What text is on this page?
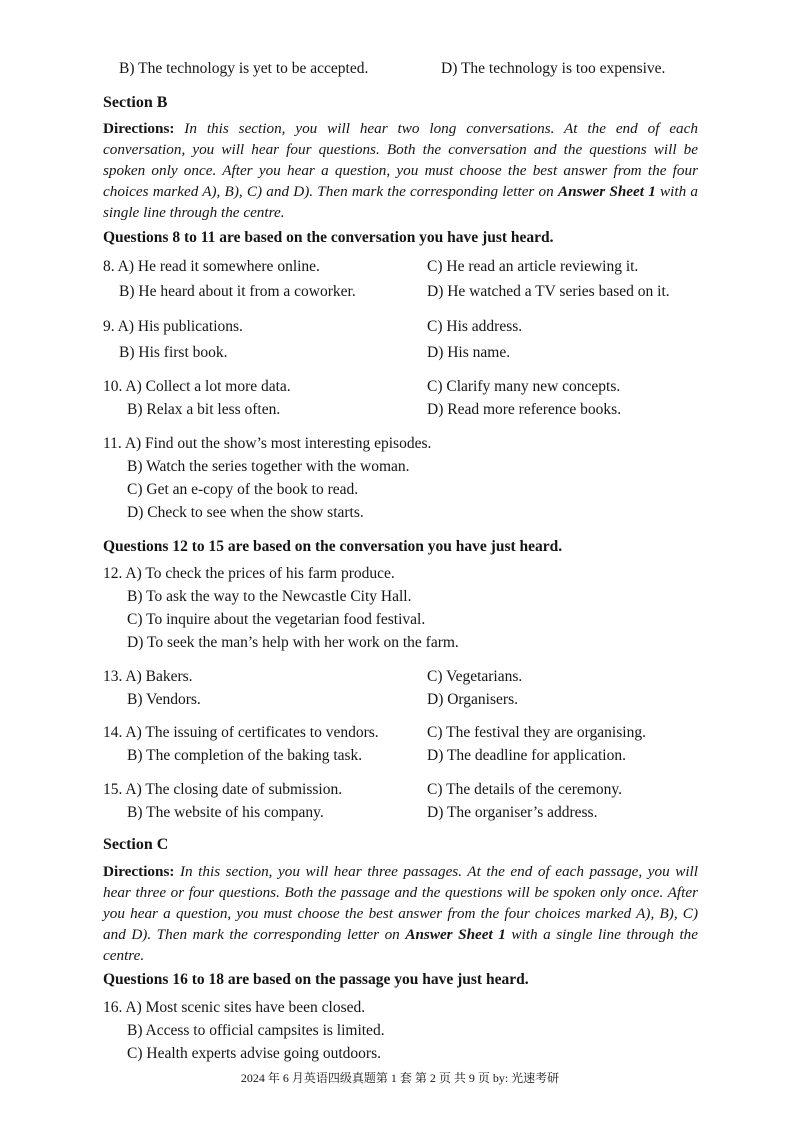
B) The technology is yet to be accepted.	D) The technology is too expensive.
Section B
Directions: In this section, you will hear two long conversations. At the end of each conversation, you will hear four questions. Both the conversation and the questions will be spoken only once. After you hear a question, you must choose the best answer from the four choices marked A), B), C) and D). Then mark the corresponding letter on Answer Sheet 1 with a single line through the centre.
Questions 8 to 11 are based on the conversation you have just heard.
8. A) He read it somewhere online.	C) He read an article reviewing it.
B) He heard about it from a coworker.	D) He watched a TV series based on it.
9. A) His publications.	C) His address.
B) His first book.	D) His name.
10. A) Collect a lot more data.	C) Clarify many new concepts.
B) Relax a bit less often.	D) Read more reference books.
11. A) Find out the show’s most interesting episodes.
B) Watch the series together with the woman.
C) Get an e-copy of the book to read.
D) Check to see when the show starts.
Questions 12 to 15 are based on the conversation you have just heard.
12. A) To check the prices of his farm produce.
B) To ask the way to the Newcastle City Hall.
C) To inquire about the vegetarian food festival.
D) To seek the man’s help with her work on the farm.
13. A) Bakers.	C) Vegetarians.
B) Vendors.	D) Organisers.
14. A) The issuing of certificates to vendors.	C) The festival they are organising.
B) The completion of the baking task.	D) The deadline for application.
15. A) The closing date of submission.	C) The details of the ceremony.
B) The website of his company.	D) The organiser’s address.
Section C
Directions: In this section, you will hear three passages. At the end of each passage, you will hear three or four questions. Both the passage and the questions will be spoken only once. After you hear a question, you must choose the best answer from the four choices marked A), B), C) and D). Then mark the corresponding letter on Answer Sheet 1 with a single line through the centre.
Questions 16 to 18 are based on the passage you have just heard.
16. A) Most scenic sites have been closed.
B) Access to official campsites is limited.
C) Health experts advise going outdoors.
2024 年 6 月英语四级真题第 1 套 第 2 页 共 9 页 by: 光速考研
